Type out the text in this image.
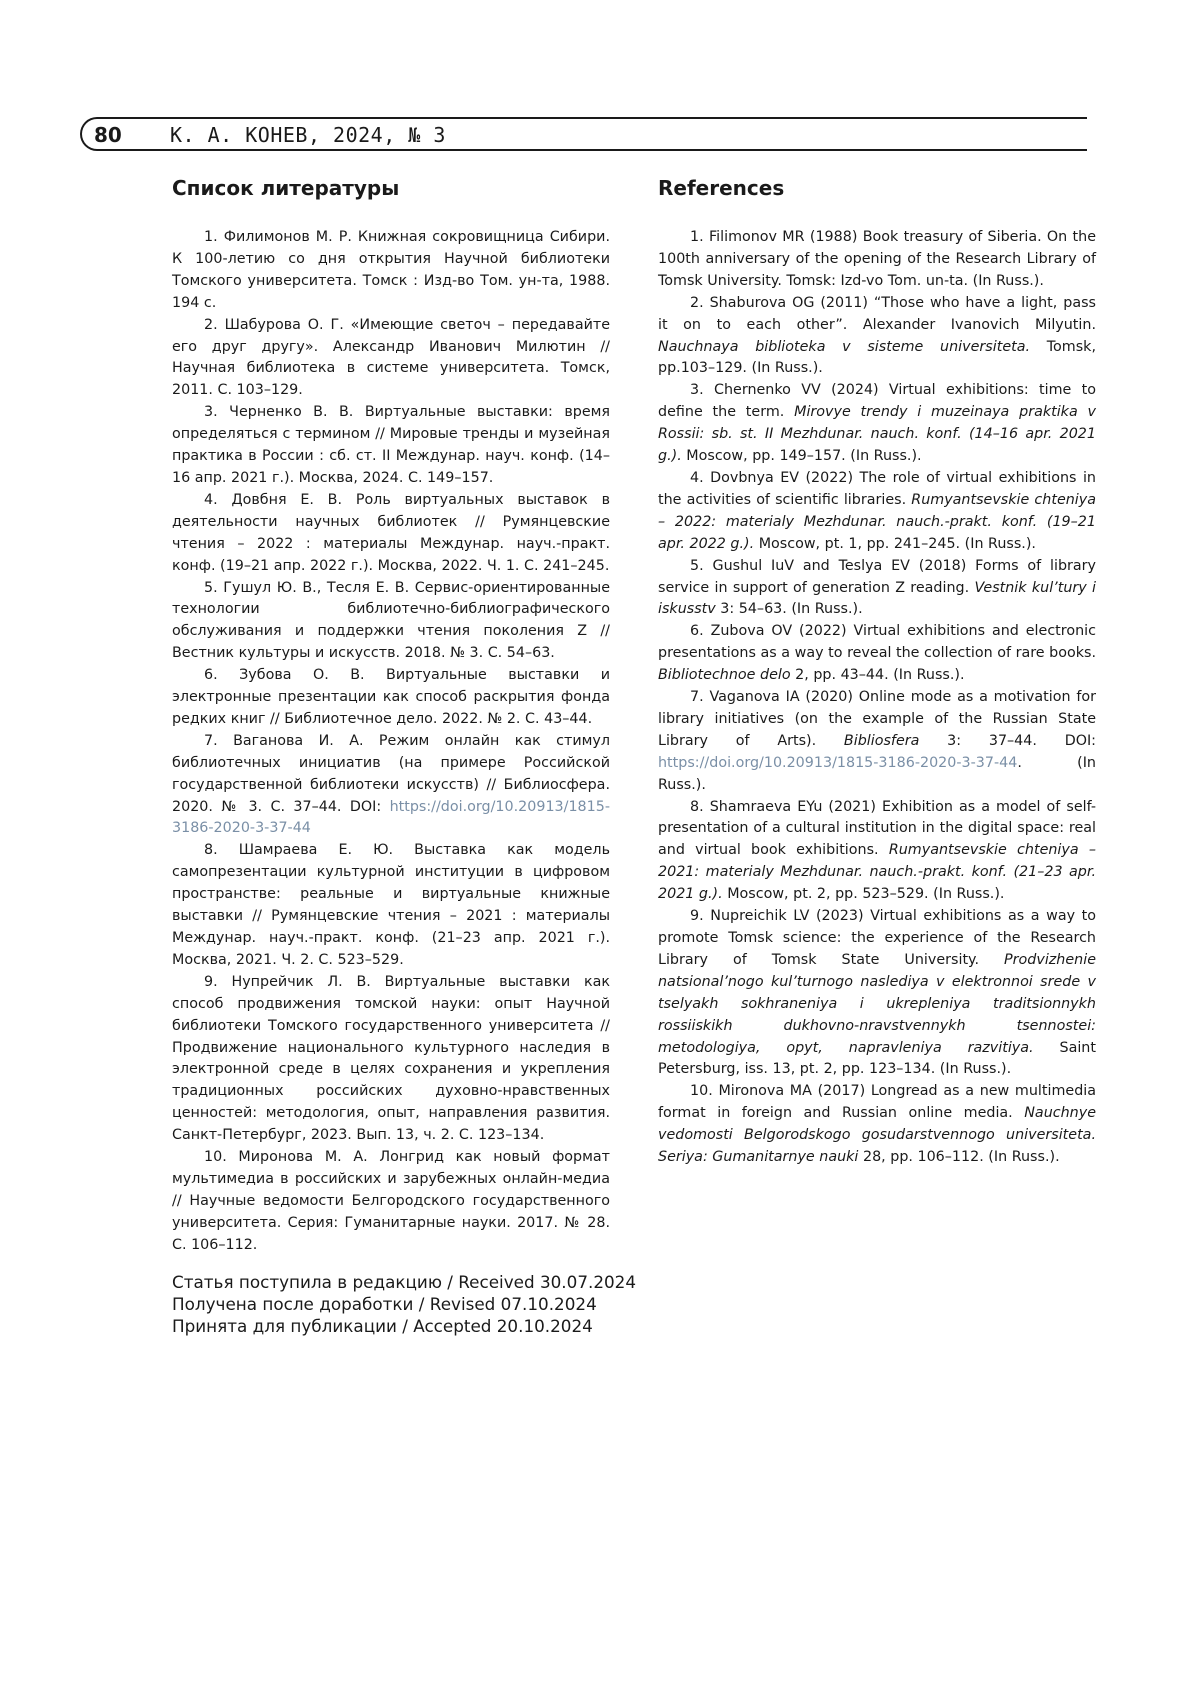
80 К. А. КОНЕВ, 2024, № 3
Список литературы
1. Филимонов М. Р. Книжная сокровищница Сибири. К 100-летию со дня открытия Научной библиотеки Томского университета. Томск : Изд-во Том. ун-та, 1988. 194 с.
2. Шабурова О. Г. «Имеющие светоч – передавайте его друг другу». Александр Иванович Милютин // Научная библиотека в системе университета. Томск, 2011. С. 103–129.
3. Черненко В. В. Виртуальные выставки: время определяться с термином // Мировые тренды и музейная практика в России : сб. ст. II Междунар. науч. конф. (14–16 апр. 2021 г.). Москва, 2024. С. 149–157.
4. Довбня Е. В. Роль виртуальных выставок в деятельности научных библиотек // Румянцевские чтения – 2022 : материалы Междунар. науч.-практ. конф. (19–21 апр. 2022 г.). Москва, 2022. Ч. 1. С. 241–245.
5. Гушул Ю. В., Тесля Е. В. Сервис-ориентированные технологии библиотечно-библиографического обслуживания и поддержки чтения поколения Z // Вестник культуры и искусств. 2018. № 3. С. 54–63.
6. Зубова О. В. Виртуальные выставки и электронные презентации как способ раскрытия фонда редких книг // Библиотечное дело. 2022. № 2. С. 43–44.
7. Ваганова И. А. Режим онлайн как стимул библиотечных инициатив (на примере Российской государственной библиотеки искусств) // Библиосфера. 2020. № 3. С. 37–44. DOI: https://doi.org/10.20913/1815-3186-2020-3-37-44
8. Шамраева Е. Ю. Выставка как модель самопрезентации культурной институции в цифровом пространстве: реальные и виртуальные книжные выставки // Румянцевские чтения – 2021 : материалы Междунар. науч.-практ. конф. (21–23 апр. 2021 г.). Москва, 2021. Ч. 2. С. 523–529.
9. Нупрейчик Л. В. Виртуальные выставки как способ продвижения томской науки: опыт Научной библиотеки Томского государственного университета // Продвижение национального культурного наследия в электронной среде в целях сохранения и укрепления традиционных российских духовно-нравственных ценностей: методология, опыт, направления развития. Санкт-Петербург, 2023. Вып. 13, ч. 2. С. 123–134.
10. Миронова М. А. Лонгрид как новый формат мультимедиа в российских и зарубежных онлайн-медиа // Научные ведомости Белгородского государственного университета. Серия: Гуманитарные науки. 2017. № 28. С. 106–112.
References
1. Filimonov MR (1988) Book treasury of Siberia. On the 100th anniversary of the opening of the Research Library of Tomsk University. Tomsk: Izd-vo Tom. un-ta. (In Russ.).
2. Shaburova OG (2011) “Those who have a light, pass it on to each other”. Alexander Ivanovich Milyutin. Nauchnaya biblioteka v sisteme universiteta. Tomsk, pp.103–129. (In Russ.).
3. Chernenko VV (2024) Virtual exhibitions: time to define the term. Mirovye trendy i muzeinaya praktika v Rossii: sb. st. II Mezhdunar. nauch. konf. (14–16 apr. 2021 g.). Moscow, pp. 149–157. (In Russ.).
4. Dovbnya EV (2022) The role of virtual exhibitions in the activities of scientific libraries. Rumyantsevskie chteniya – 2022: materialy Mezhdunar. nauch.-prakt. konf. (19–21 apr. 2022 g.). Moscow, pt. 1, pp. 241–245. (In Russ.).
5. Gushul IuV and Teslya EV (2018) Forms of library service in support of generation Z reading. Vestnik kul’tury i iskusstv 3: 54–63. (In Russ.).
6. Zubova OV (2022) Virtual exhibitions and electronic presentations as a way to reveal the collection of rare books. Bibliotechnoe delo 2, pp. 43–44. (In Russ.).
7. Vaganova IA (2020) Online mode as a motivation for library initiatives (on the example of the Russian State Library of Arts). Bibliosfera 3: 37–44. DOI: https://doi.org/10.20913/1815-3186-2020-3-37-44. (In Russ.).
8. Shamraeva EYu (2021) Exhibition as a model of self-presentation of a cultural institution in the digital space: real and virtual book exhibitions. Rumyantsevskie chteniya – 2021: materialy Mezhdunar. nauch.-prakt. konf. (21–23 apr. 2021 g.). Moscow, pt. 2, pp. 523–529. (In Russ.).
9. Nupreichik LV (2023) Virtual exhibitions as a way to promote Tomsk science: the experience of the Research Library of Tomsk State University. Prodvizhenie natsional’nogo kul’turnogo naslediya v elektronnoi srede v tselyakh sokhraneniya i ukrepleniya traditsionnykh rossiiskikh dukhovno-nravstvennykh tsennostei: metodologiya, opyt, napravleniya razvitiya. Saint Petersburg, iss. 13, pt. 2, pp. 123–134. (In Russ.).
10. Mironova MA (2017) Longread as a new multimedia format in foreign and Russian online media. Nauchnye vedomosti Belgorodskogo gosudarstvennogo universiteta. Seriya: Gumanitarnye nauki 28, pp. 106–112. (In Russ.).
Статья поступила в редакцию / Received 30.07.2024
Получена после доработки / Revised 07.10.2024
Принята для публикации / Accepted 20.10.2024
